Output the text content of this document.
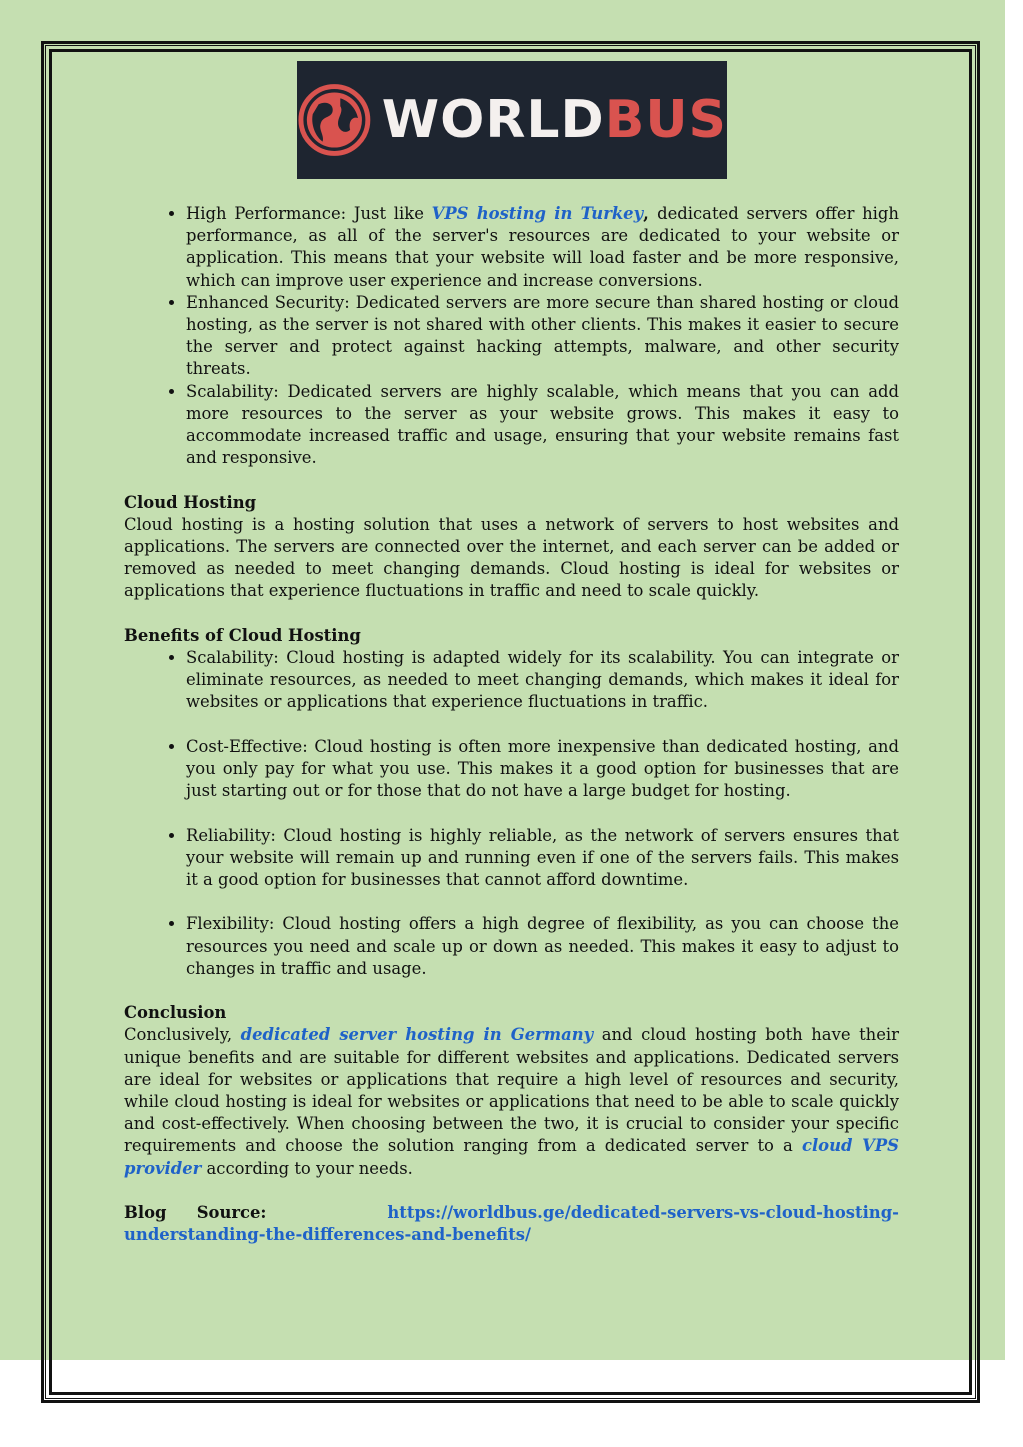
WORLDBUS
• High Performance: Just like VPS hosting in Turkey, dedicated servers offer high performance, as all of the server's resources are dedicated to your website or application. This means that your website will load faster and be more responsive, which can improve user experience and increase conversions.
• Enhanced Security: Dedicated servers are more secure than shared hosting or cloud hosting, as the server is not shared with other clients. This makes it easier to secure the server and protect against hacking attempts, malware, and other security threats.
• Scalability: Dedicated servers are highly scalable, which means that you can add more resources to the server as your website grows. This makes it easy to accommodate increased traffic and usage, ensuring that your website remains fast and responsive.

Cloud Hosting

Cloud hosting is a hosting solution that uses a network of servers to host websites and applications. The servers are connected over the internet, and each server can be added or removed as needed to meet changing demands. Cloud hosting is ideal for websites or applications that experience fluctuations in traffic and need to scale quickly.

Benefits of Cloud Hosting

• Scalability: Cloud hosting is adapted widely for its scalability. You can integrate or eliminate resources, as needed to meet changing demands, which makes it ideal for websites or applications that experience fluctuations in traffic.
• Cost-Effective: Cloud hosting is often more inexpensive than dedicated hosting, and you only pay for what you use. This makes it a good option for businesses that are just starting out or for those that do not have a large budget for hosting.
• Reliability: Cloud hosting is highly reliable, as the network of servers ensures that your website will remain up and running even if one of the servers fails. This makes it a good option for businesses that cannot afford downtime.
• Flexibility: Cloud hosting offers a high degree of flexibility, as you can choose the resources you need and scale up or down as needed. This makes it easy to adjust to changes in traffic and usage.

Conclusion

Conclusively, dedicated server hosting in Germany and cloud hosting both have their unique benefits and are suitable for different websites and applications. Dedicated servers are ideal for websites or applications that require a high level of resources and security, while cloud hosting is ideal for websites or applications that need to be able to scale quickly and cost-effectively. When choosing between the two, it is crucial to consider your specific requirements and choose the solution ranging from a dedicated server to a cloud VPS provider according to your needs.

Blog Source:	https://worldbus.ge/dedicated-servers-vs-cloud-hosting-understanding-the-differences-and-benefits/
